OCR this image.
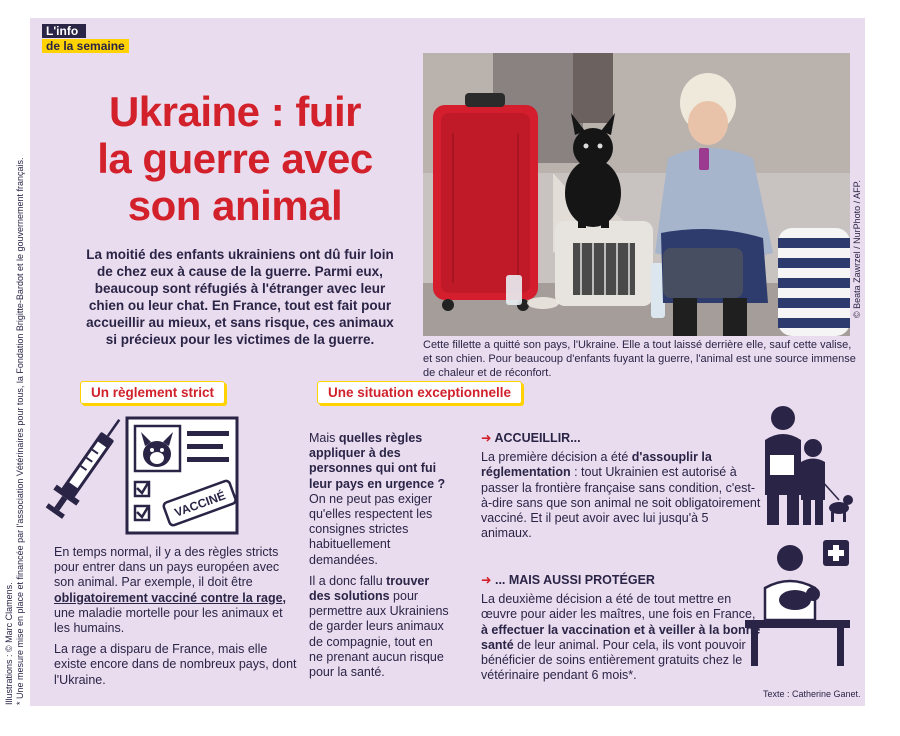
L'info
de la semaine
Ukraine : fuir
la guerre avec
son animal

La moitié des enfants ukrainiens ont dû fuir loin de chez eux à cause de la guerre. Parmi eux, beaucoup sont réfugiés à l'étranger avec leur chien ou leur chat. En France, tout est fait pour accueillir au mieux, et sans risque, ces animaux si précieux pour les victimes de la guerre.

© Beata Zawrzel / NurPhoto / AFP.

Cette fillette a quitté son pays, l'Ukraine. Elle a tout laissé derrière elle, sauf cette valise, et son chien. Pour beaucoup d'enfants fuyant la guerre, l'animal est une source immense de chaleur et de réconfort.

Un règlement strict	Une situation exceptionnelle
VACCINÉ

En temps normal, il y a des règles stricts pour entrer dans un pays européen avec son animal. Par exemple, il doit être obligatoirement vacciné contre la rage, une maladie mortelle pour les animaux et les humains.

La rage a disparu de France, mais elle existe encore dans de nombreux pays, dont l'Ukraine.

Mais quelles règles appliquer à des personnes qui ont fui leur pays en urgence ? On ne peut pas exiger qu'elles respectent les consignes strictes habituellement demandées.

Il a donc fallu trouver des solutions pour permettre aux Ukrainiens de garder leurs animaux de compagnie, tout en ne prenant aucun risque pour la santé.

➜ ACCUEILLIR...

La première décision a été d'assouplir la réglementation : tout Ukrainien est autorisé à passer la frontière française sans condition, c'est-à-dire sans que son animal ne soit obligatoirement vacciné. Et il peut avoir avec lui jusqu'à 5 animaux.

➜ ... MAIS AUSSI PROTÉGER

La deuxième décision a été de tout mettre en œuvre pour aider les maîtres, une fois en France, à effectuer la vaccination et à veiller à la bonne santé de leur animal. Pour cela, ils vont pouvoir bénéficier de soins entièrement gratuits chez le vétérinaire pendant 6 mois*.

Texte : Catherine Ganet.
Illustrations : © Marc Clamens. * Une mesure mise en place et financée par l'association Vétérinaires pour tous, la Fondation Brigitte-Bardot et le gouvernement français.
